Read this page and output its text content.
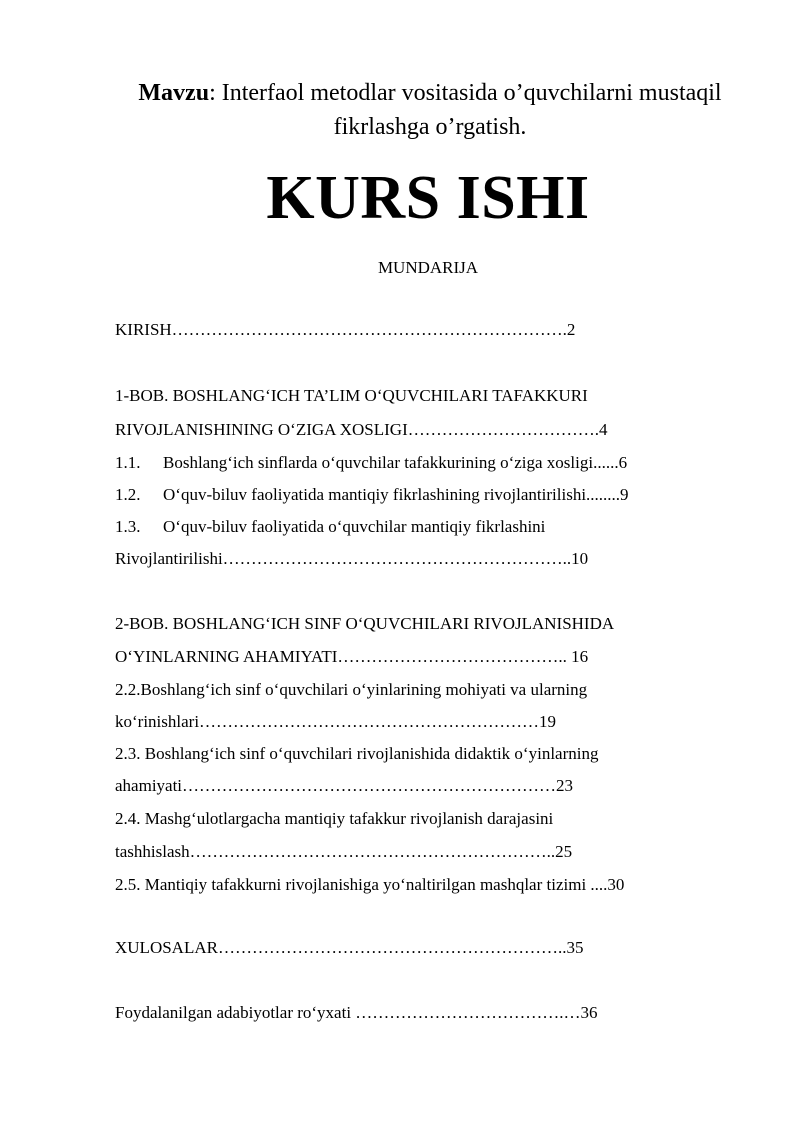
Mavzu: Interfaol metodlar vositasida o’quvchilarni mustaqil
fikrlashga o’rgatish.
KURS ISHI
MUNDARIJA
KIRISH…………………………………………………………….2
1-BOB. BOSHLANG‘ICH TA’LIM O‘QUVCHILARI TAFAKKURI
RIVOJLANISHINING O‘ZIGA XOSLIGI…………………………….4
1.1. Boshlang‘ich sinflarda o‘quvchilar tafakkurining o‘ziga xosligi......6
1.2. O‘quv-biluv faoliyatida mantiqiy fikrlashining rivojlantirilishi........9
1.3. O‘quv-biluv faoliyatida o‘quvchilar mantiqiy fikrlashini
Rivojlantirilishi……………………………………………………..10
2-BOB. BOSHLANG‘ICH SINF O‘QUVCHILARI RIVOJLANISHIDA
O‘YINLARNING AHAMIYATI………………………………….. 16
2.2.Boshlang‘ich sinf o‘quvchilari o‘yinlarining mohiyati va ularning
ko‘rinishlari……………………………………………………19
2.3. Boshlang‘ich sinf o‘quvchilari rivojlanishida didaktik o‘yinlarning
ahamiyati…………………………………………………………23
2.4. Mashg‘ulotlargacha mantiqiy tafakkur rivojlanish darajasini
tashhislash………………………………………………………..25
2.5. Mantiqiy tafakkurni rivojlanishiga yo‘naltirilgan mashqlar tizimi ....30
XULOSALAR……………………………………………………..35
Foydalanilgan adabiyotlar ro‘yxati ……………………………….…36
